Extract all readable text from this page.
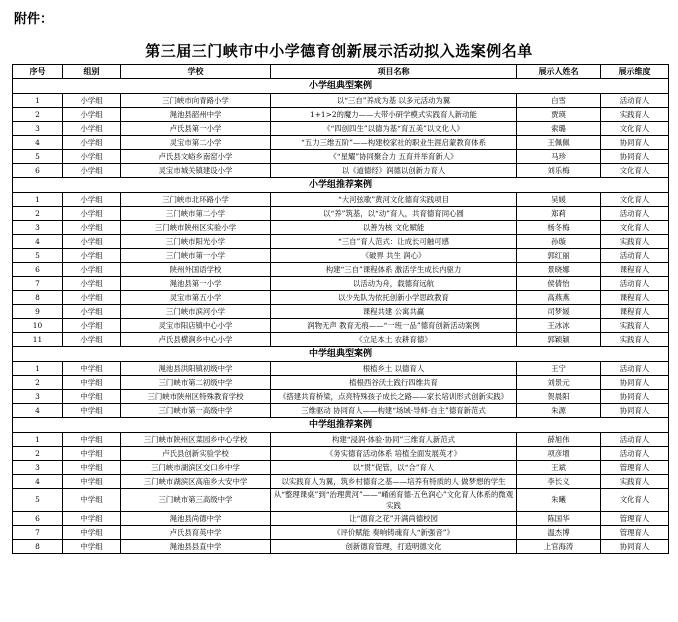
附件：
第三届三门峡市中小学德育创新展示活动拟入选案例名单
序号	组别	学校	项目名称	展示人姓名	展示维度
小学组典型案例					
1	小学组	三门峡市向青路小学	以“三自”养成为基 以多元活动为翼	白雪	活动育人
2	小学组	渑池县韶州中学	1+1>2的魔力——大带小研学模式实践育人新动能	贾瑛	实践育人
3	小学组	卢氏县第一小学	《“四创四生”以德为基“育五美”以文化人》	索璐	文化育人
4	小学组	灵宝市第二小学	“五力三维五阶”——构建校家社的职业生涯启蒙教育体系	王佩佩	协同育人
5	小学组	卢氏县文峪乡南窑小学	《“星耀”协同聚合力 五育并举育新人》	马珍	协同育人
6	小学组	灵宝市城关镇建设小学	以《道德经》润德以创新力育人	刘乐梅	文化育人
小学组推荐案例					
1	小学组	三门峡市北环路小学	“大河弦歌”黄河文化德育实践项目	吴媛	文化育人
2	小学组	三门峡市第二小学	以“养”筑基，以“动”育人，共育德育同心圆	郑莉	活动育人
3	小学组	三门峡市陕州区实验小学	以善为核 文化赋能	杨冬梅	文化育人
4	小学组	三门峡市阳光小学	“三自”育人范式：让成长可触可感	孙璇	实践育人
5	小学组	三门峡市第一小学	《破界 共生 润心》	郭红丽	活动育人
6	小学组	陕州外国语学校	构建“三自”课程体系 激活学生成长内驱力	景晓娜	课程育人
7	小学组	渑池县第一小学	以活动为舟，载德育远航	侯倩怡	活动育人
8	小学组	灵宝市第五小学	以少先队为依托创新小学思政教育	高燕燕	课程育人
9	小学组	三门峡市滨河小学	课程共建 公寓共赢	司梦媛	课程育人
10	小学组	灵宝市阳店镇中心小学	润物无声 教育无痕——“一班一品”德育创新活动案例	王冰冰	实践育人
11	小学组	卢氏县横涧乡中心小学	《立足本土 农耕育德》	郭颖颖	实践育人
中学组典型案例					
1	中学组	渑池县洪阳镇初级中学	根植乡土 以德育人	王宁	活动育人
2	中学组	三门峡市第二初级中学	植根西谷沃土践行四维共育	刘景元	协同育人
3	中学组	三门峡市陕州区特殊教育学校	《搭建共育桥梁，点亮特殊孩子成长之路——家长培训形式创新实践》	贺晨阳	协同育人
4	中学组	三门峡市第一高级中学	三维驱动 协同育人——构建“场域·导师·自主”德育新范式	朱源	协同育人
中学组推荐案例					
1	中学组	三门峡市陕州区菜园乡中心学校	构建“浸润·体验·协同”三维育人新范式	薛旭伟	活动育人
2	中学组	卢氏县创新实验学校	《务实德育活动体系 培植全面发展英才》	项彦增	活动育人
3	中学组	三门峡市湖滨区交口乡中学	以“贯”促管，以“合”育人	王斌	管理育人
4	中学组	三门峡市湖滨区高庙乡大安中学	以实践育人为翼，筑乡村德育之基——培养有特质的人 做梦想的学生	李长义	实践育人
5	中学组	三门峡市第三高级中学	从“整理课桌”到“治理黄河”——“崤函育德·五色润心”文化育人体系的微观实践	朱曦	文化育人
6	中学组	渑池县尚德中学	让“德育之花”开满尚德校园	陈国华	管理育人
7	中学组	卢氏县育英中学	《评价赋能 奏响铸魂育人“新强音”》	温杰博	管理育人
8	中学组	渑池县县直中学	创新德育管理，打造明德文化	上官海涛	协同育人
